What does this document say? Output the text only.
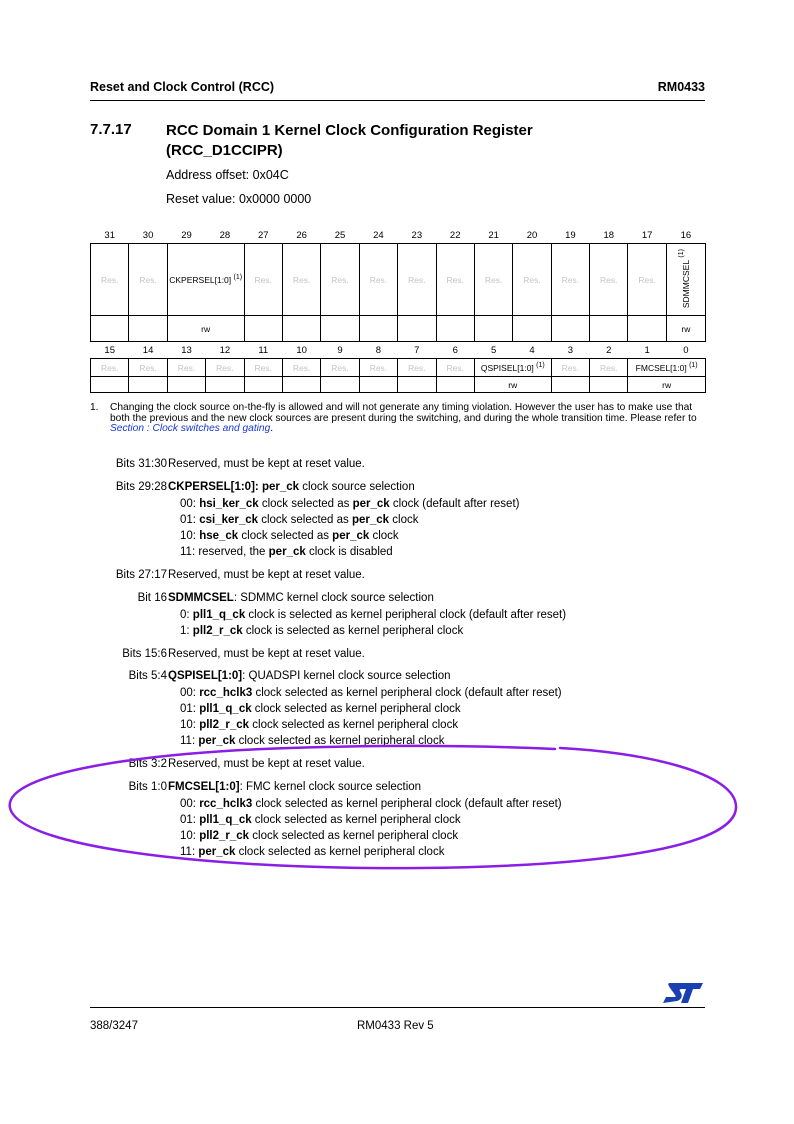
Reset and Clock Control (RCC)	RM0433
7.7.17 RCC Domain 1 Kernel Clock Configuration Register
(RCC_D1CCIPR)
Address offset: 0x04C
Reset value: 0x0000 0000
31	30	29	28	27	26	25	24	23	22	21	20	19	18	17	16
Res.	Res.	CKPERSEL[1:0] $^{(1)}$		Res.	Res.	Res.	Res.	Res.	Res.	Res.	Res.	Res.	Res.	Res.	SDMMCSEL $^{(1)}$
		rw													rw
15	14	13	12	11	10	9	8	7	6	5	4	3	2	1	0
Res.	Res.	Res.	Res.	Res.	Res.	Res.	Res.	Res.	Res.	QSPISEL[1:0] $^{(1)}$		Res.	Res.	FMCSEL[1:0] $^{(1)}$
										rw				rw	
1. Changing the clock source on-the-fly is allowed and will not generate any timing violation. However the user has to make use that both the previous and the new clock sources are present during the switching, and during the whole transition time. Please refer to Section : Clock switches and gating.
Bits 31:30 Reserved, must be kept at reset value.
Bits 29:28 CKPERSEL[1:0]: per_ck clock source selection
00: hsi_ker_ck clock selected as per_ck clock (default after reset)
01: csi_ker_ck clock selected as per_ck clock
10: hse_ck clock selected as per_ck clock
11: reserved, the per_ck clock is disabled
Bits 27:17 Reserved, must be kept at reset value.
Bit 16 SDMMCSEL: SDMMC kernel clock source selection
0: pll1_q_ck clock is selected as kernel peripheral clock (default after reset)
1: pll2_r_ck clock is selected as kernel peripheral clock
Bits 15:6 Reserved, must be kept at reset value.
Bits 5:4 QSPISEL[1:0]: QUADSPI kernel clock source selection
00: rcc_hclk3 clock selected as kernel peripheral clock (default after reset)
01: pll1_q_ck clock selected as kernel peripheral clock
10: pll2_r_ck clock selected as kernel peripheral clock
11: per_ck clock selected as kernel peripheral clock
Bits 3:2 Reserved, must be kept at reset value.
Bits 1:0 FMCSEL[1:0]: FMC kernel clock source selection
00: rcc_hclk3 clock selected as kernel peripheral clock (default after reset)
01: pll1_q_ck clock selected as kernel peripheral clock
10: pll2_r_ck clock selected as kernel peripheral clock
11: per_ck clock selected as kernel peripheral clock
388/3247	RM0433 Rev 5
